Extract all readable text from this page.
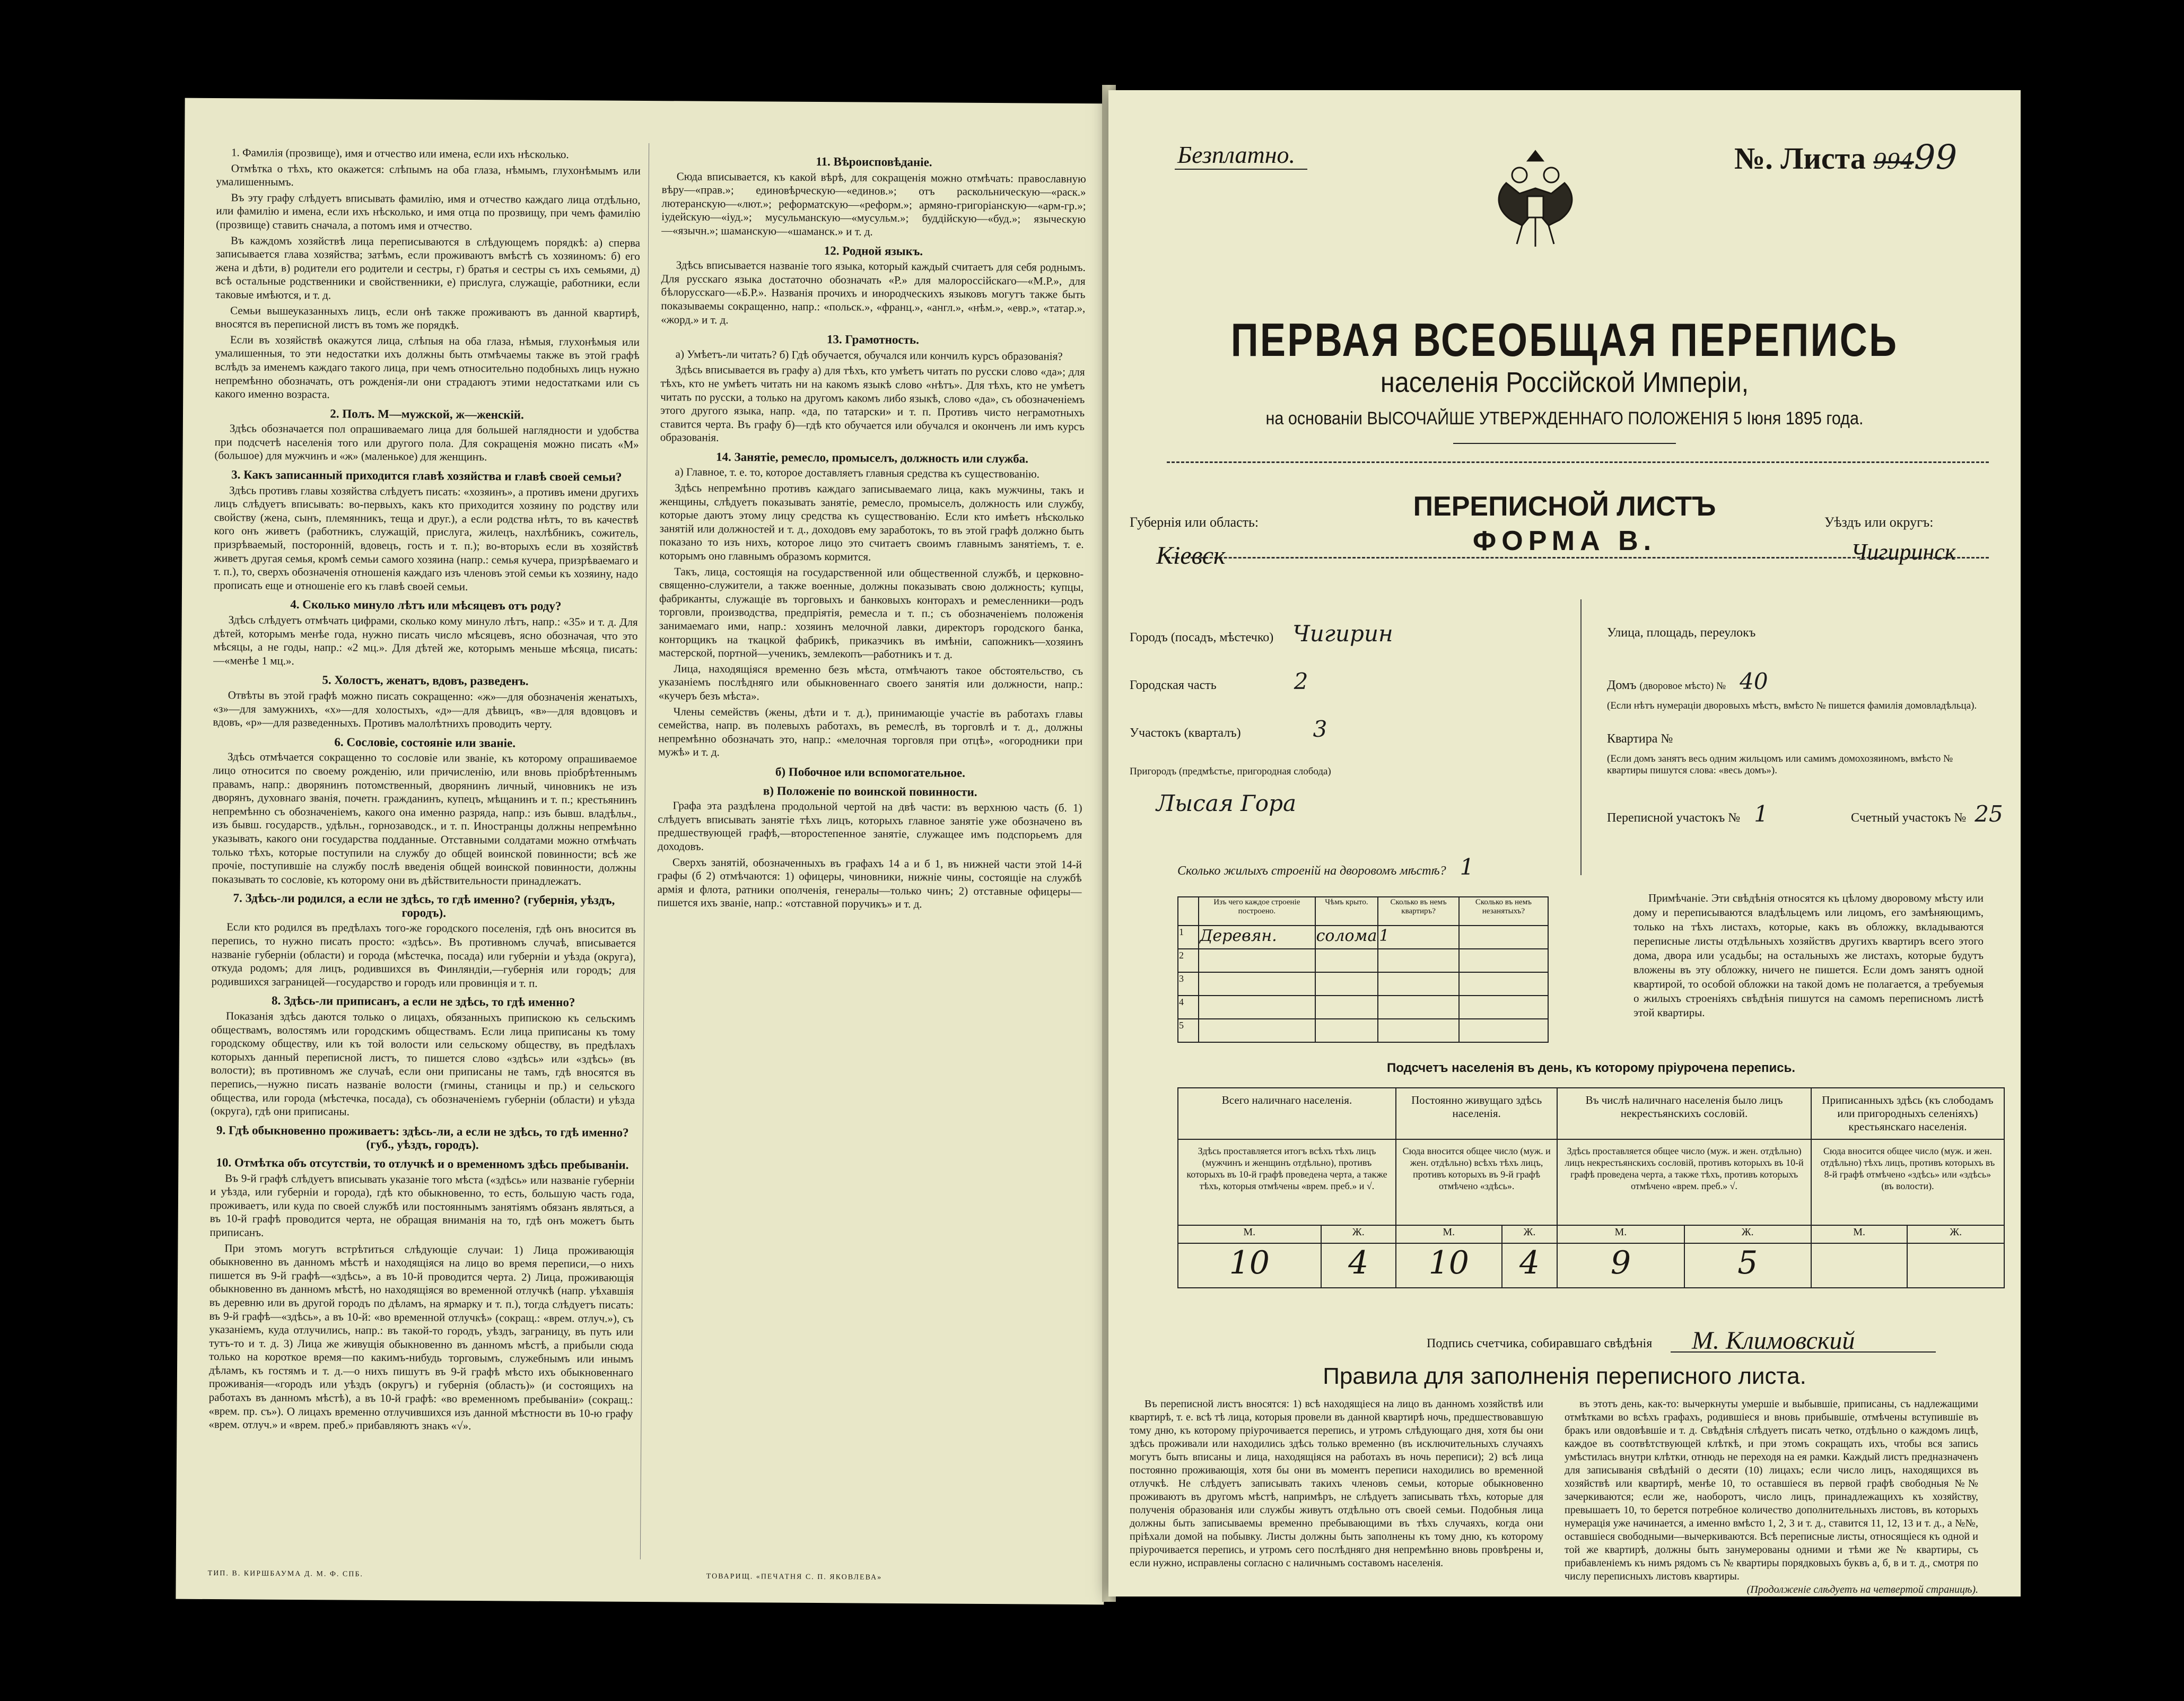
1. Фамилія (прозвище), имя и отчество или имена, если ихъ нѣсколько.

Отмѣтка о тѣхъ, кто окажется: слѣпымъ на оба глаза, нѣмымъ, глухонѣмымъ или умалишеннымъ.

Въ эту графу слѣдуетъ вписывать фамилію, имя и отчество каждаго лица отдѣльно, или фамилію и имена, если ихъ нѣсколько, и имя отца по прозвищу, при чемъ фамилію (прозвище) ставить сначала, а потомъ имя и отчество.

Въ каждомъ хозяйствѣ лица переписываются в слѣдующемъ порядкѣ: а) сперва записывается глава хозяйства; затѣмъ, если проживаютъ вмѣстѣ съ хозяиномъ: б) его жена и дѣти, в) родители его родители и сестры, г) братья и сестры съ ихъ семьями, д) всѣ остальные родственники и свойственники, е) прислуга, служащіе, работники, если таковые имѣются, и т. д.

Семьи вышеуказанныхъ лицъ, если онѣ также проживаютъ въ данной квартирѣ, вносятся въ переписной листъ въ томъ же порядкѣ.

Если въ хозяйствѣ окажутся лица, слѣпыя на оба глаза, нѣмыя, глухонѣмыя или умалишенныя, то эти недостатки ихъ должны быть отмѣчаемы также въ этой графѣ вслѣдъ за именемъ каждаго такого лица, при чемъ относительно подобныхъ лицъ нужно непремѣнно обозначать, отъ рожденія-ли они страдаютъ этими недостатками или съ какого именно возраста.

2. Полъ. М—мужской, ж—женскій.

Здѣсь обозначается пол опрашиваемаго лица для большей наглядности и удобства при подсчетѣ населенія того или другого пола. Для сокращенія можно писать «М» (большое) для мужчинъ и «ж» (маленькое) для женщинъ.

3. Какъ записанный приходится главѣ хозяйства и главѣ своей семьи?

Здѣсь противъ главы хозяйства слѣдуетъ писать: «хозяинъ», а противъ имени другихъ лицъ слѣдуетъ вписывать: во-первыхъ, какъ кто приходится хозяину по родству или свойству (жена, сынъ, племянникъ, теща и друг.), а если родства нѣтъ, то въ качествѣ кого онъ живетъ (работникъ, служащій, прислуга, жилецъ, нахлѣбникъ, сожитель, призрѣваемый, посторонній, вдовецъ, гость и т. п.); во-вторыхъ если въ хозяйствѣ живетъ другая семья, кромѣ семьи самого хозяина (напр.: семья кучера, призрѣваемаго и т. п.), то, сверхъ обозначенія отношенія каждаго изъ членовъ этой семьи къ хозяину, надо прописать еще и отношеніе его къ главѣ своей семьи.

4. Сколько минуло лѣтъ или мѣсяцевъ отъ роду?

Здѣсь слѣдуетъ отмѣчать цифрами, сколько кому минуло лѣтъ, напр.: «35» и т. д. Для дѣтей, которымъ менѣе года, нужно писать число мѣсяцевъ, ясно обозначая, что это мѣсяцы, а не годы, напр.: «2 мц.». Для дѣтей же, которымъ меньше мѣсяца, писать:—«менѣе 1 мц.».

5. Холостъ, женатъ, вдовъ, разведенъ.

Отвѣты въ этой графѣ можно писать сокращенно: «ж»—для обозначенія женатыхъ, «з»—для замужнихъ, «х»—для холостыхъ, «д»—для дѣвицъ, «в»—для вдовцовъ и вдовъ, «р»—для разведенныхъ. Противъ малолѣтнихъ проводить черту.

6. Сословіе, состояніе или званіе.

Здѣсь отмѣчается сокращенно то сословіе или званіе, къ которому опрашиваемое лицо относится по своему рожденію, или причисленію, или вновь пріобрѣтеннымъ правамъ, напр.: дворянинъ потомственный, дворянинъ личный, чиновникъ не изъ дворянъ, духовнаго званія, почетн. гражданинъ, купецъ, мѣщанинъ и т. п.; крестьянинъ непремѣнно съ обозначеніемъ, какого она именно разряда, напр.: изъ бывш. владѣльч., изъ бывш. государств., удѣльн., горнозаводск., и т. п. Иностранцы должны непремѣнно указывать, какого они государства подданные. Отставными солдатами можно отмѣчать только тѣхъ, которые поступили на службу до общей воинской повинности; всѣ же прочіе, поступившіе на службу послѣ введенія общей воинской повинности, должны показывать то сословіе, къ которому они въ дѣйствительности принадлежатъ.

7. Здѣсь-ли родился, а если не здѣсь, то гдѣ именно? (губернія, уѣздъ, городъ).

Если кто родился въ предѣлахъ того-же городского поселенія, гдѣ онъ вносится въ перепись, то нужно писать просто: «здѣсь». Въ противномъ случаѣ, вписывается названіе губерніи (области) и города (мѣстечка, посада) или губерніи и уѣзда (округа), откуда родомъ; для лицъ, родившихся въ Финляндіи,—губернія или городъ; для родившихся заграницей—государство и городъ или провинція и т. п.

8. Здѣсь-ли приписанъ, а если не здѣсь, то гдѣ именно?

Показанія здѣсь даются только о лицахъ, обязанныхъ припискою къ сельскимъ обществамъ, волостямъ или городскимъ обществамъ. Если лица приписаны къ тому городскому обществу, или къ той волости или сельскому обществу, въ предѣлахъ которыхъ данный переписной листъ, то пишется слово «здѣсь» или «здѣсь» (въ волости); въ противномъ же случаѣ, если они приписаны не тамъ, гдѣ вносятся въ перепись,—нужно писать названіе волости (гмины, станицы и пр.) и сельского общества, или города (мѣстечка, посада), съ обозначеніемъ губерніи (области) и уѣзда (округа), гдѣ они приписаны.

9. Гдѣ обыкновенно проживаетъ: здѣсь-ли, а если не здѣсь, то гдѣ именно? (губ., уѣздъ, городъ).
10. Отмѣтка объ отсутствіи, то отлучкѣ и о временномъ здѣсь пребываніи.

Въ 9-й графѣ слѣдуетъ вписывать указаніе того мѣста («здѣсь» или названіе губерніи и уѣзда, или губерніи и города), гдѣ кто обыкновенно, то есть, большую часть года, проживаетъ, или куда по своей службѣ или постояннымъ занятіямъ обязанъ являться, а въ 10-й графѣ проводится черта, не обращая вниманія на то, гдѣ онъ можетъ быть приписанъ.

При этомъ могутъ встрѣтиться слѣдующіе случаи: 1) Лица проживающія обыкновенно въ данномъ мѣстѣ и находящіяся на лицо во время переписи,—о нихъ пишется въ 9-й графѣ—«здѣсь», а въ 10-й проводится черта. 2) Лица, проживающія обыкновенно въ данномъ мѣстѣ, но находящіяся во временной отлучкѣ (напр. уѣхавшія въ деревню или въ другой городъ по дѣламъ, на ярмарку и т. п.), тогда слѣдуетъ писать: въ 9-й графѣ—«здѣсь», а въ 10-й: «во временной отлучкѣ» (сокращ.: «врем. отлуч.»), съ указаніемъ, куда отлучились, напр.: въ такой-то городъ, уѣздъ, заграницу, въ путь или тутъ-то и т. д. 3) Лица же живущія обыкновенно въ данномъ мѣстѣ, а прибыли сюда только на короткое время—по какимъ-нибудь торговымъ, служебнымъ или инымъ дѣламъ, къ гостямъ и т. д.—о нихъ пишутъ въ 9-й графѣ мѣсто ихъ обыкновеннаго проживанія—«городъ или уѣздъ (округъ) и губернія (область)» (и состоящихъ на работахъ въ данномъ мѣстѣ), а въ 10-й графѣ: «во временномъ пребываніи» (сокращ.: «врем. пр. съ»). О лицахъ временно отлучившихся изъ данной мѣстности въ 10-ю графу «врем. отлуч.» и «врем. преб.» прибавляютъ знакъ «√».

11. Вѣроисповѣданіе.

Сюда вписывается, къ какой вѣрѣ, для сокращенія можно отмѣчать: православную вѣру—«прав.»; единовѣрческую—«единов.»; отъ раскольническую—«раск.» лютеранскую—«лют.»; реформатскую—«реформ.»; армяно-григоріанскую—«арм-гр.»; іудейскую—«іуд.»; мусульманскую—«мусульм.»; буддійскую—«буд.»; языческую—«язычн.»; шаманскую—«шаманск.» и т. д.

12. Родной языкъ.

Здѣсь вписывается названіе того языка, который каждый считаетъ для себя роднымъ. Для русскаго языка достаточно обозначать «Р.» для малороссійскаго—«М.Р.», для бѣлорусскаго—«Б.Р.». Названія прочихъ и инородческихъ языковъ могутъ также быть показываемы сокращенно, напр.: «польск.», «франц.», «англ.», «нѣм.», «евр.», «татар.», «жорд.» и т. д.

13. Грамотность.

а) Умѣетъ-ли читать? б) Гдѣ обучается, обучался или кончилъ курсъ образованія?

Здѣсь вписывается въ графу а) для тѣхъ, кто умѣетъ читать по русски слово «да»; для тѣхъ, кто не умѣетъ читать ни на какомъ языкѣ слово «нѣтъ». Для тѣхъ, кто не умѣетъ читать по русски, а только на другомъ какомъ либо языкѣ, слово «да», съ обозначеніемъ этого другого языка, напр. «да, по татарски» и т. п. Противъ чисто неграмотныхъ ставится черта. Въ графу б)—гдѣ кто обучается или обучался и оконченъ ли имъ курсъ образованія.

14. Занятіе, ремесло, промыселъ, должность или служба.

а) Главное, т. е. то, которое доставляетъ главныя средства къ существованію.

Здѣсь непремѣнно противъ каждаго записываемаго лица, какъ мужчины, такъ и женщины, слѣдуетъ показывать занятіе, ремесло, промыселъ, должность или службу, которые даютъ этому лицу средства къ существованію. Если кто имѣетъ нѣсколько занятій или должностей и т. д., доходовъ ему заработокъ, то въ этой графѣ должно быть показано то изъ нихъ, которое лицо это считаетъ своимъ главнымъ занятіемъ, т. е. которымъ оно главнымъ образомъ кормится.

Такъ, лица, состоящія на государственной или общественной службѣ, и церковно-священно-служители, а также военные, должны показывать свою должность; купцы, фабриканты, служащіе въ торговыхъ и банковыхъ конторахъ и ремесленники—родъ торговли, производства, предпріятія, ремесла и т. п.; съ обозначеніемъ положенія занимаемаго ими, напр.: хозяинъ мелочной лавки, директоръ городского банка, конторщикъ на ткацкой фабрикѣ, приказчикъ въ имѣніи, сапожникъ—хозяинъ мастерской, портной—ученикъ, землекопъ—работникъ и т. д.

Лица, находящіяся временно безъ мѣста, отмѣчаютъ такое обстоятельство, съ указаніемъ послѣдняго или обыкновеннаго своего занятія или должности, напр.: «кучеръ безъ мѣста».

Члены семействъ (жены, дѣти и т. д.), принимающіе участіе въ работахъ главы семейства, напр. въ полевыхъ работахъ, въ ремеслѣ, въ торговлѣ и т. д., должны непремѣнно обозначать это, напр.: «мелочная торговля при отцѣ», «огородники при мужѣ» и т. д.

б) Побочное или вспомогательное.
в) Положеніе по воинской повинности.

Графа эта раздѣлена продольной чертой на двѣ части: въ верхнюю часть (б. 1) слѣдуетъ вписывать занятіе тѣхъ лицъ, которыхъ главное занятіе уже обозначено въ предшествующей графѣ,—второстепенное занятіе, служащее имъ подспорьемъ для доходовъ.

Сверхъ занятій, обозначенныхъ въ графахъ 14 а и б 1, въ нижней части этой 14-й графы (б 2) отмѣчаются: 1) офицеры, чиновники, нижніе чины, состоящіе на службѣ армія и флота, ратники ополченія, генералы—только чинъ; 2) отставные офицеры—пишется ихъ званіе, напр.: «отставной поручикъ» и т. д.

ТИП. В. КИРШБАУМА Д. М. Ф. СПБ.	ТОВАРИЩ. «ПЕЧАТНЯ С. П. ЯКОВЛЕВА»
Безплатно.	№. Листа 99499
ПЕРВАЯ ВСЕОБЩАЯ ПЕРЕПИСЬ
населенія Россійской Имперіи,
на основаніи ВЫСОЧАЙШЕ УТВЕРЖДЕННАГО ПОЛОЖЕНІЯ 5 Іюня 1895 года.
Губернія или область:
Кіевск
ПЕРЕПИСНОЙ ЛИСТЪ
ФОРМА В.
Уѣздъ или округъ:
Чигиринск
Городъ (посадъ, мѣстечко) Чигирин
Городская часть	2
Участокъ (кварталъ)	3
Пригородъ (предмѣстье, пригородная слобода)
Лысая Гора
Улица, площадь, переулокъ
Домъ (дворовое мѣсто) № 40
(Если нѣтъ нумераціи дворовыхъ мѣстъ, вмѣсто № пишется фамилія домовладѣльца).
Квартира №
(Если домъ занятъ весь одним жильцомъ или самимъ домохозяиномъ, вмѣсто № квартиры пишутся слова: «весь домъ»).
Переписной участокъ № 1	Счетный участокъ № 25
Сколько жилыхъ строеній на дворовомъ мѣстѣ? 1
	Изъ чего каждое строеніе построено.	Чѣмъ крыто.	Сколько въ немъ квартиръ?	Сколько въ немъ незанятыхъ?
1	Деревян.	солома	1	
2				
3				
4				
5				
Примѣчаніе. Эти свѣдѣнія относятся къ цѣлому дворовому мѣсту или дому и переписываются владѣльцемъ или лицомъ, его замѣняющимъ, только на тѣхъ листахъ, которые, какъ въ обложку, вкладываются переписные листы отдѣльныхъ хозяйствъ другихъ квартиръ всего этого дома, двора или усадьбы; на остальныхъ же листахъ, которые будутъ вложены въ эту обложку, ничего не пишется. Если домъ занятъ одной квартирой, то особой обложки на такой домъ не полагается, а требуемыя о жилыхъ строеніяхъ свѣдѣнія пишутся на самомъ переписномъ листѣ этой квартиры.
Подсчетъ населенія въ день, къ которому пріурочена перепись.
Всего наличнаго населенія.		Постоянно живущаго здѣсь населенія.		Въ числѣ наличнаго населенія было лицъ некрестьянскихъ сословій.		Приписанныхъ здѣсь (къ слободамъ или пригородныхъ селеніяхъ) крестьянскаго населенія.	
Здѣсь проставляется итогъ всѣхъ тѣхъ лицъ (мужчинъ и женщинъ отдѣльно), противъ которыхъ въ 10-й графѣ проведена черта, а также тѣхъ, которыя отмѣчены «врем. преб.» и √.		Сюда вносится общее число (муж. и жен. отдѣльно) всѣхъ тѣхъ лицъ, противъ которыхъ въ 9-й графѣ отмѣчено «здѣсь».		Здѣсь проставляется общее число (муж. и жен. отдѣльно) лицъ некрестьянскихъ сословій, противъ которыхъ въ 10-й графѣ проведена черта, а также тѣхъ, противъ которыхъ отмѣчено «врем. преб.» √.		Сюда вносится общее число (муж. и жен. отдѣльно) тѣхъ лицъ, противъ которыхъ въ 8-й графѣ отмѣчено «здѣсь» или «здѣсь» (въ волости).	
М.	Ж.	М.	Ж.	М.	Ж.	М.	Ж.
10	4	10	4	9	5		
Подпись счетчика, собиравшаго свѣдѣнія М. Климовский
Правила для заполненія переписного листа.

Въ переписной листъ вносятся: 1) всѣ находящіеся на лицо въ данномъ хозяйствѣ или квартирѣ, т. е. всѣ тѣ лица, которыя провели въ данной квартирѣ ночь, предшествовавшую тому дню, къ которому пріурочивается перепись, и утромъ слѣдующаго дня, хотя бы они здѣсь проживали или находились здѣсь только временно (въ исключительныхъ случаяхъ могутъ быть вписаны и лица, находящіяся на работахъ въ ночь переписи); 2) всѣ лица постоянно проживающія, хотя бы они въ моментъ переписи находились во временной отлучкѣ. Не слѣдуетъ записывать такихъ членовъ семьи, которые обыкновенно проживаютъ въ другомъ мѣстѣ, напримѣръ, не слѣдуетъ записывать тѣхъ, которые для полученія образованія или службы живутъ отдѣльно отъ своей семьи. Подобныя лица должны быть записываемы временно пребывающими въ тѣхъ случаяхъ, когда они пріѣхали домой на побывку. Листы должны быть заполнены къ тому дню, къ которому пріурочивается перепись, и утромъ сего послѣдняго дня непремѣнно вновь провѣрены и, если нужно, исправлены согласно с наличнымъ составомъ населенія.

въ этотъ день, как-то: вычеркнуты умершіе и выбывшіе, приписаны, съ надлежащими отмѣтками во всѣхъ графахъ, родившіеся и вновь прибывшіе, отмѣчены вступившіе въ бракъ или овдовѣвшіе и т. д. Свѣдѣнія слѣдуетъ писать четко, отдѣльно о каждомъ лицѣ, каждое въ соотвѣтствующей клѣткѣ, и при этомъ сокращать ихъ, чтобы вся запись умѣстилась внутри клѣтки, отнюдь не переходя на ея рамки. Каждый листъ предназначенъ для записыванія свѣдѣній о десяти (10) лицахъ; если число лицъ, находящихся въ хозяйствѣ или квартирѣ, менѣе 10, то оставшіеся въ первой графѣ свободныя №№ зачеркиваются; если же, наоборотъ, число лицъ, принадлежащихъ къ хозяйству, превышаетъ 10, то берется потребное количество дополнительныхъ листовъ, въ которыхъ нумерація уже начинается, а именно вмѣсто 1, 2, 3 и т. д., ставится 11, 12, 13 и т. д., а №№, оставшіеся свободными—вычеркиваются. Всѣ переписные листы, относящіеся къ одной и той же квартирѣ, должны быть занумерованы одними и тѣми же № квартиры, съ прибавленіемъ къ нимъ рядомъ съ № квартиры порядковыхъ буквъ а, б, в и т. д., смотря по числу переписныхъ листовъ квартиры.

(Продолженіе слѣдуетъ на четвертой страницѣ).
